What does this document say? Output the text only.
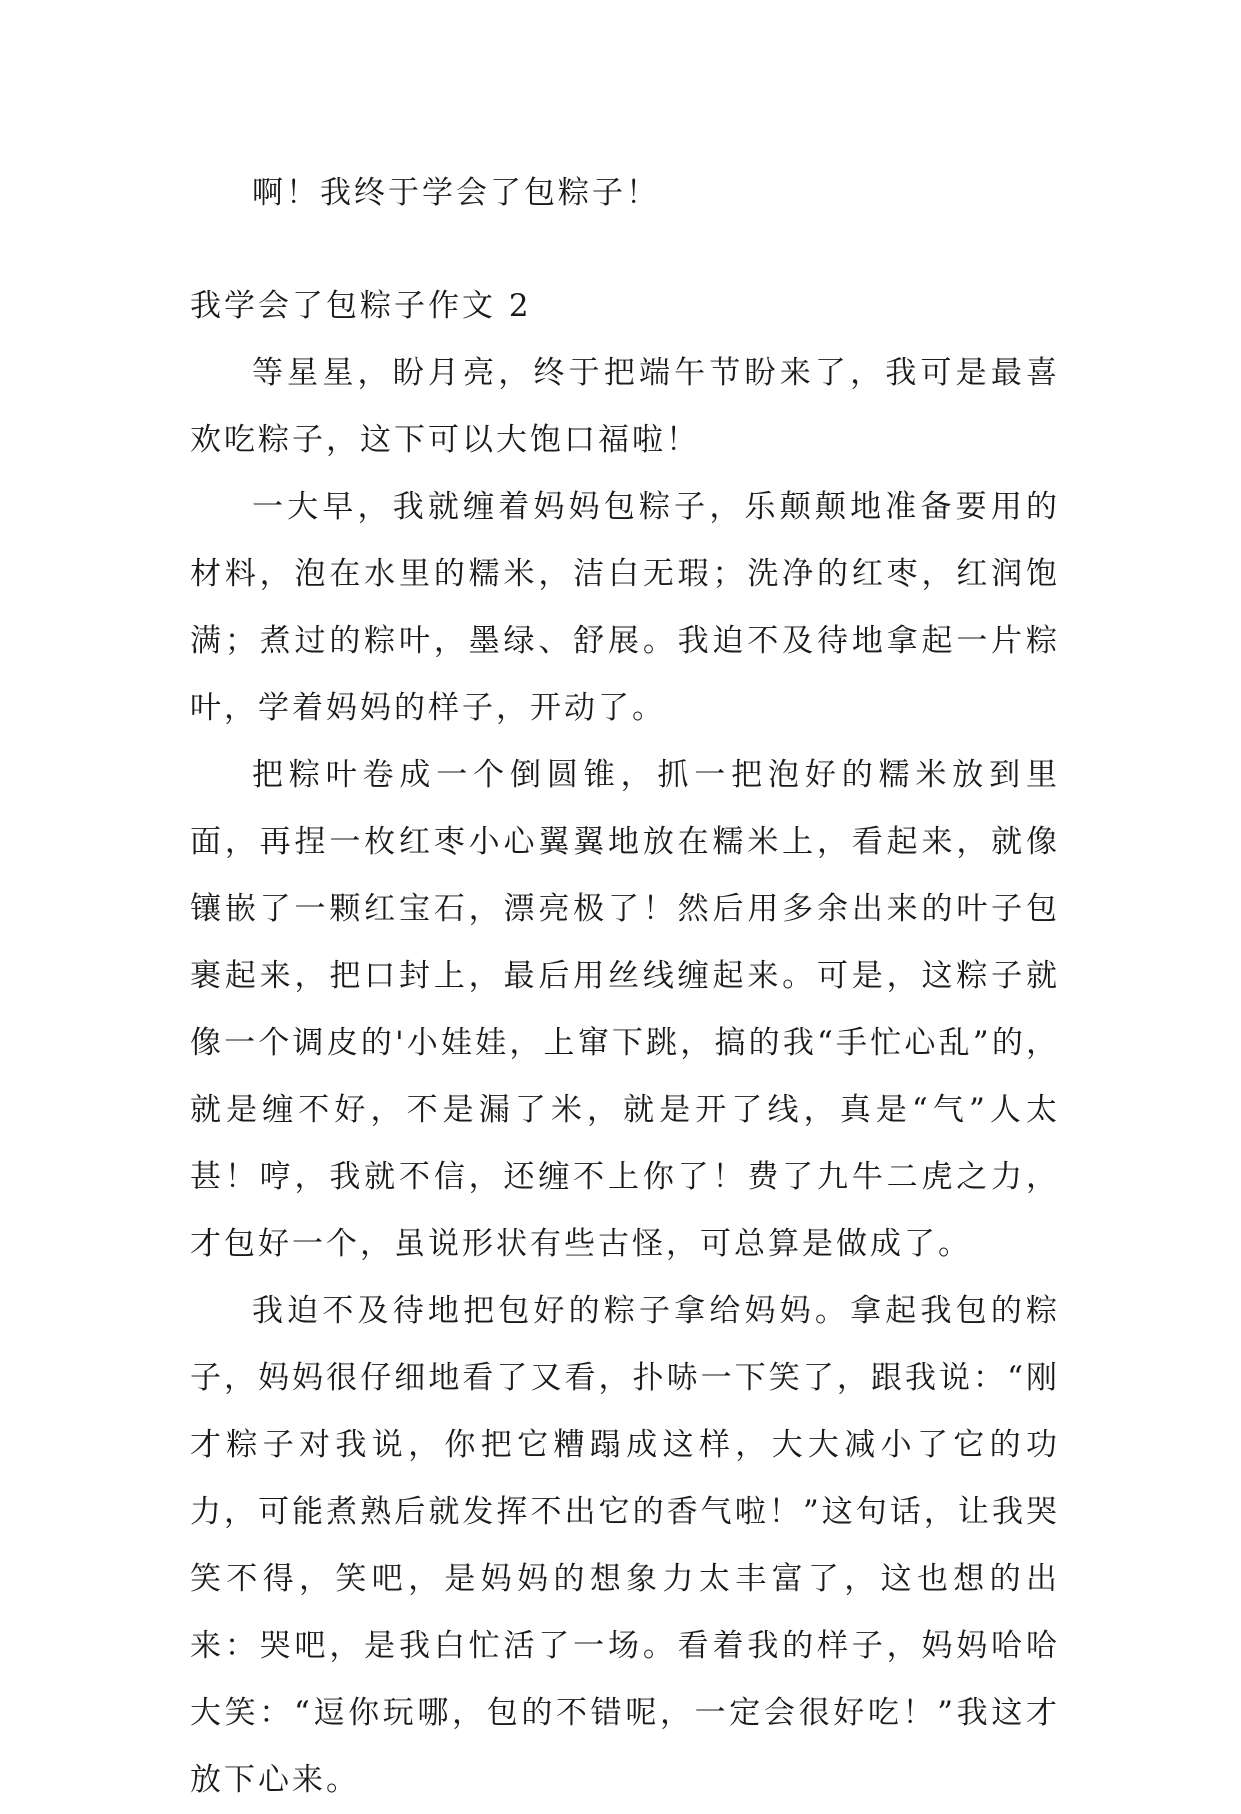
啊！我终于学会了包粽子！

我学会了包粽子作文 2

等星星，盼月亮，终于把端午节盼来了，我可是最喜欢吃粽子，这下可以大饱口福啦！

一大早，我就缠着妈妈包粽子，乐颠颠地准备要用的材料，泡在水里的糯米，洁白无瑕；洗净的红枣，红润饱满；煮过的粽叶，墨绿、舒展。我迫不及待地拿起一片粽叶，学着妈妈的样子，开动了。

把粽叶卷成一个倒圆锥，抓一把泡好的糯米放到里面，再捏一枚红枣小心翼翼地放在糯米上，看起来，就像镶嵌了一颗红宝石，漂亮极了！然后用多余出来的叶子包裹起来，把口封上，最后用丝线缠起来。可是，这粽子就像一个调皮的'小娃娃，上窜下跳，搞的我“手忙心乱”的，就是缠不好，不是漏了米，就是开了线，真是“气”人太甚！哼，我就不信，还缠不上你了！费了九牛二虎之力，才包好一个，虽说形状有些古怪，可总算是做成了。

我迫不及待地把包好的粽子拿给妈妈。拿起我包的粽子，妈妈很仔细地看了又看，扑哧一下笑了，跟我说：“刚才粽子对我说，你把它糟蹋成这样，大大减小了它的功力，可能煮熟后就发挥不出它的香气啦！”这句话，让我哭笑不得，笑吧，是妈妈的想象力太丰富了，这也想的出来：哭吧，是我白忙活了一场。看着我的样子，妈妈哈哈大笑：“逗你玩哪，包的不错呢，一定会很好吃！”我这才放下心来。
